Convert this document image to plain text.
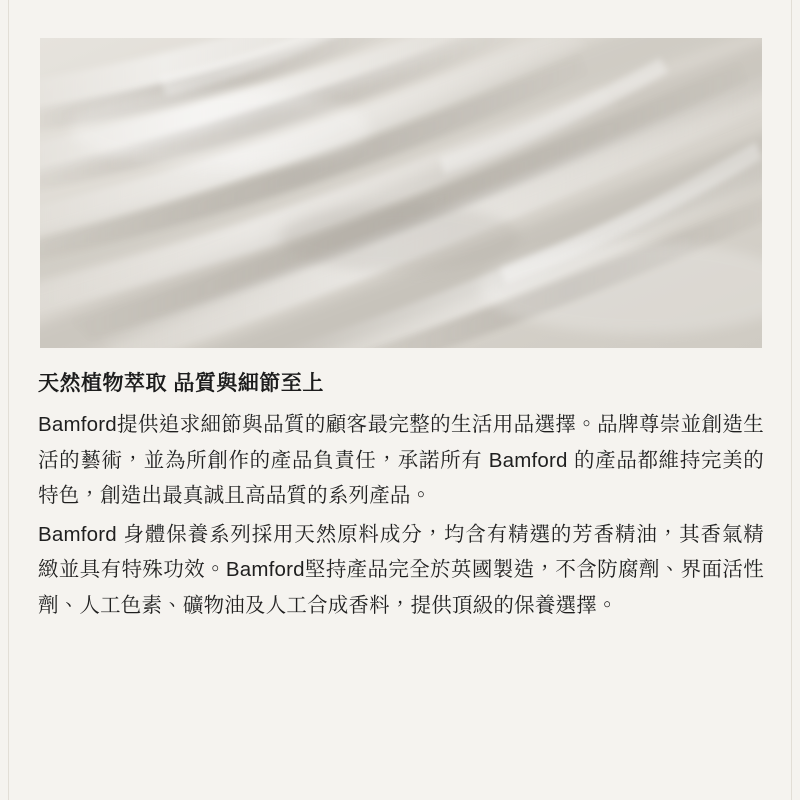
天然植物萃取 品質與細節至上

Bamford提供追求細節與品質的顧客最完整的生活用品選擇。品牌尊崇並創造生活的藝術，並為所創作的產品負責任，承諾所有 Bamford 的產品都維持完美的特色，創造出最真誠且高品質的系列產品。

Bamford 身體保養系列採用天然原料成分，均含有精選的芳香精油，其香氣精緻並具有特殊功效。Bamford堅持產品完全於英國製造，不含防腐劑、界面活性劑、人工色素、礦物油及人工合成香料，提供頂級的保養選擇。
